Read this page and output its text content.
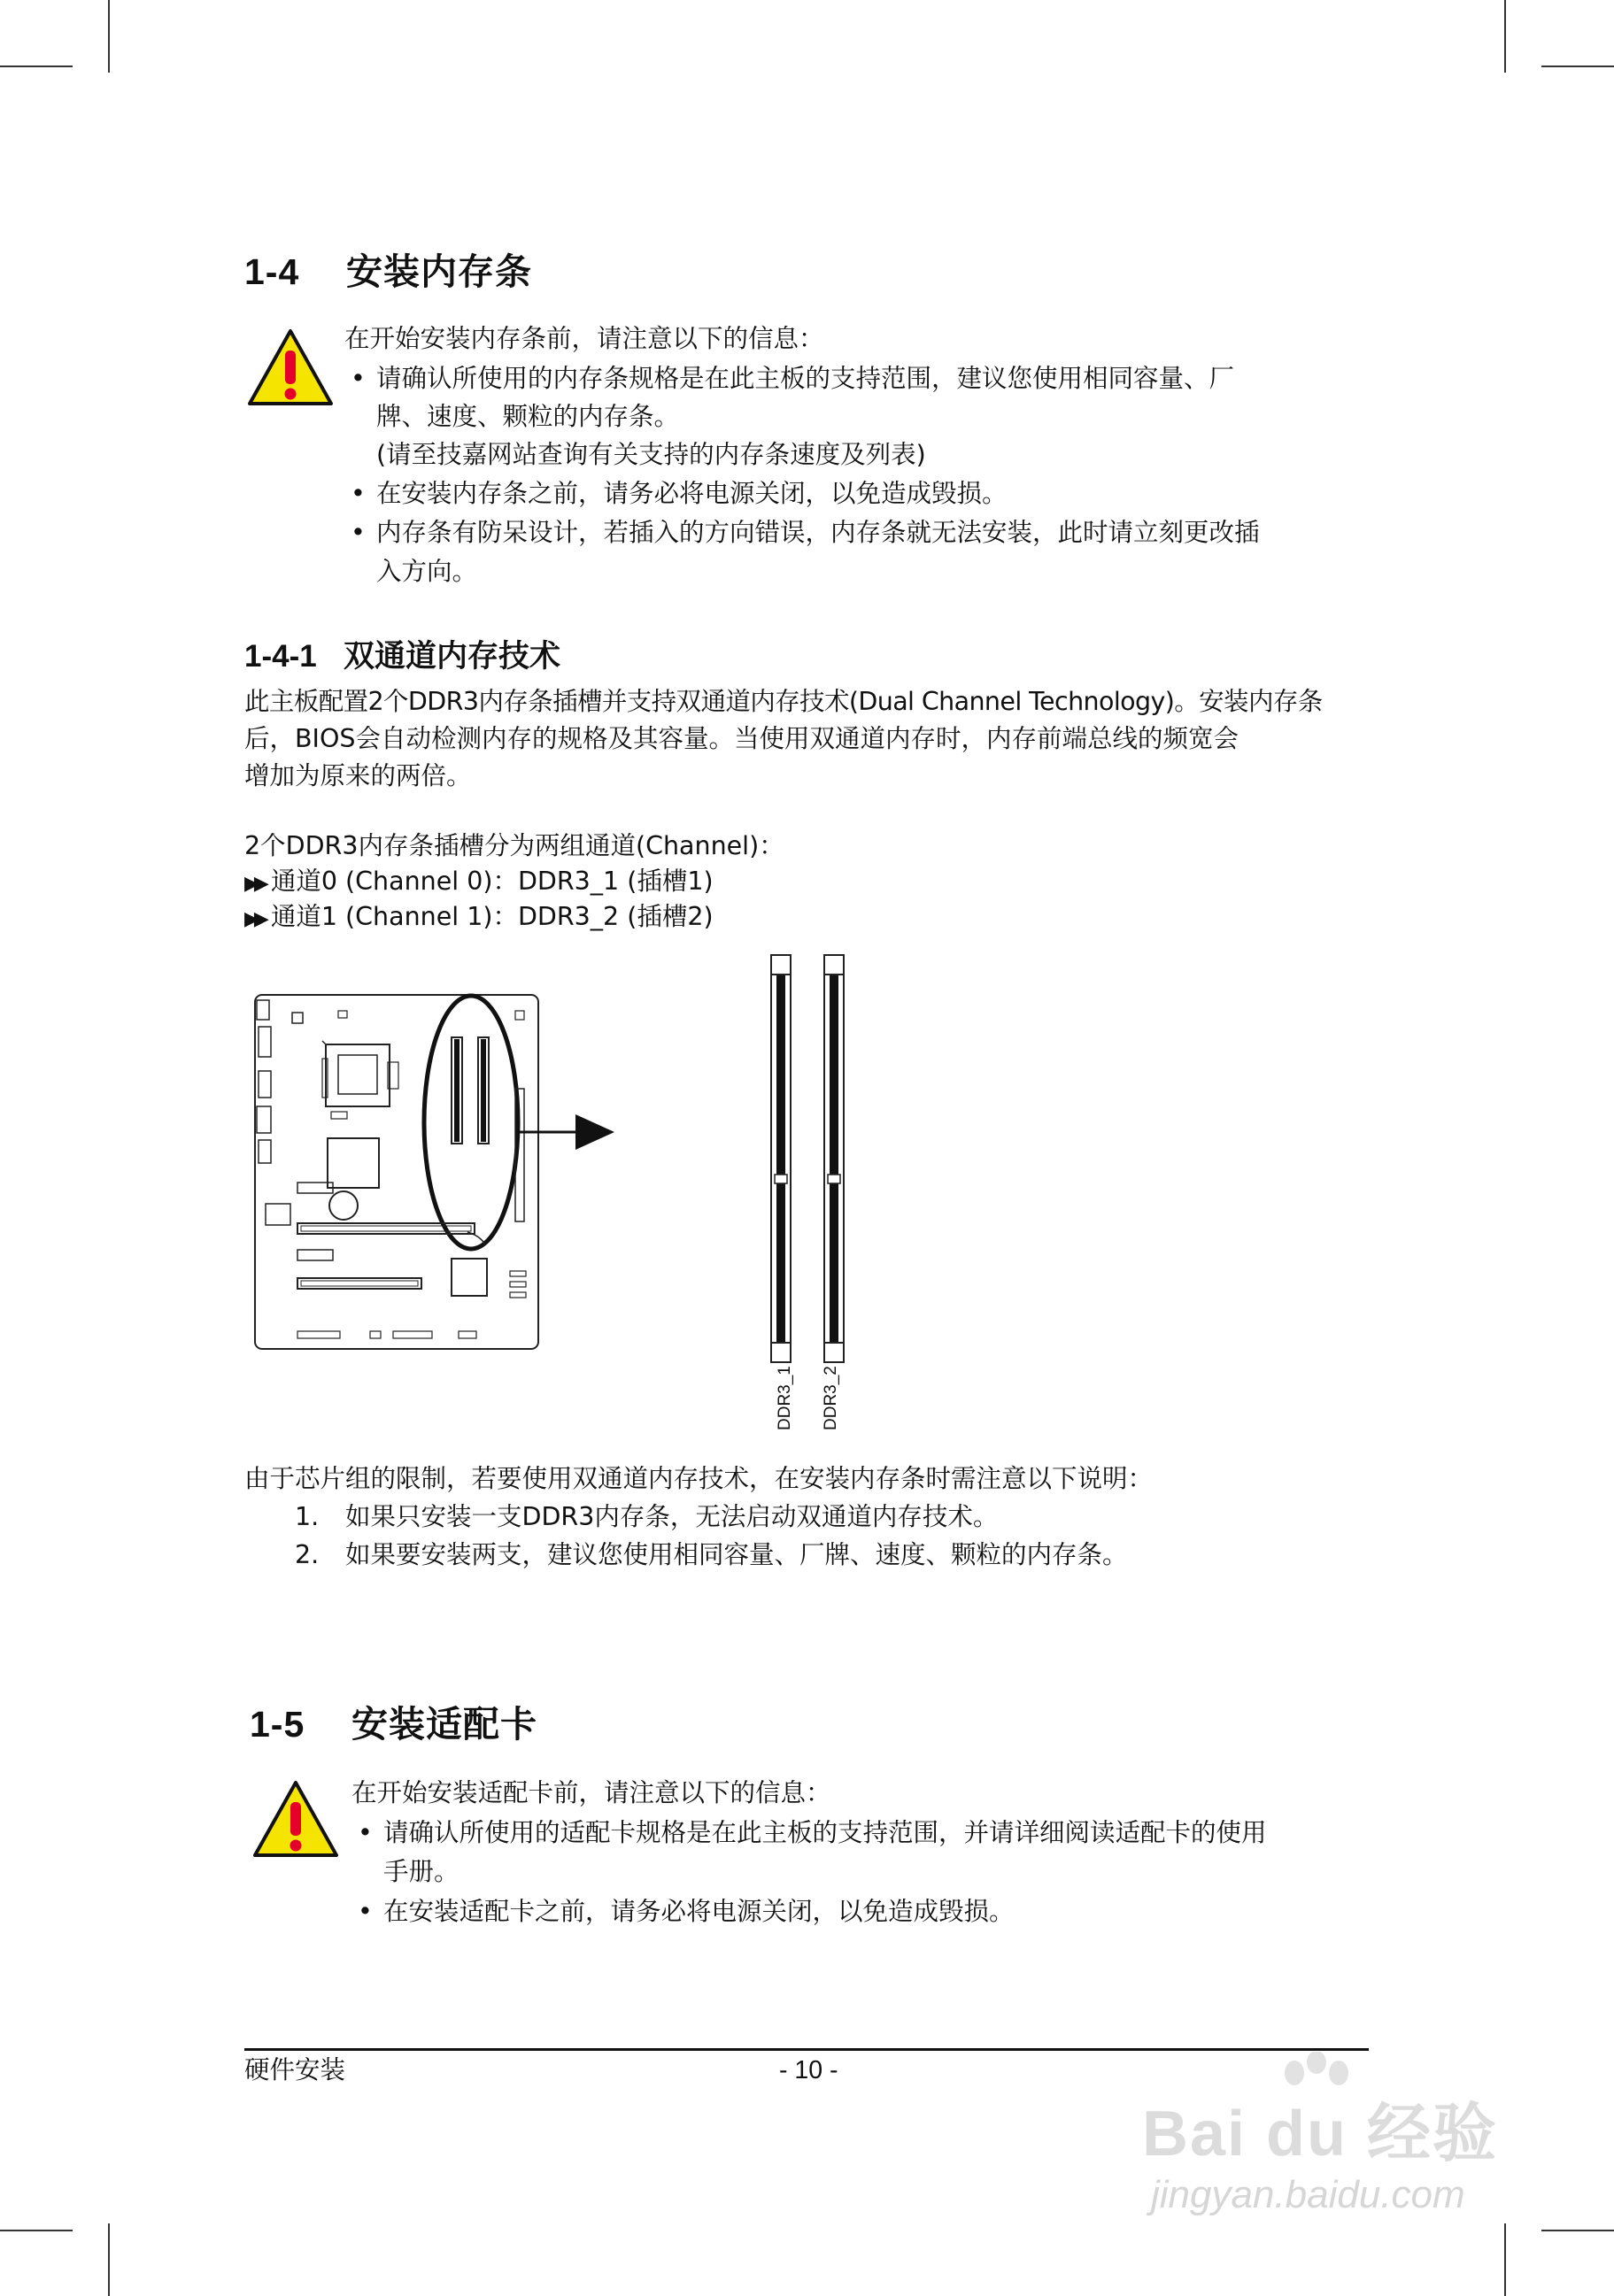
1-4 安装内存条
在开始安装内存条前，请注意以下的信息：
• 请确认所使用的内存条规格是在此主板的支持范围，建议您使用相同容量、厂
牌、速度、颗粒的内存条。
(请至技嘉网站查询有关支持的内存条速度及列表)
• 在安装内存条之前，请务必将电源关闭，以免造成毁损。
• 内存条有防呆设计，若插入的方向错误，内存条就无法安装，此时请立刻更改插
入方向。
1-4-1 双通道内存技术
此主板配置2个DDR3内存条插槽并支持双通道内存技术(Dual Channel Technology)。安装内存条
后，BIOS会自动检测内存的规格及其容量。当使用双通道内存时，内存前端总线的频宽会
增加为原来的两倍。
2个DDR3内存条插槽分为两组通道(Channel)：
▶▶ 通道0 (Channel 0)：DDR3_1 (插槽1)
▶▶ 通道1 (Channel 1)：DDR3_2 (插槽2)
DDR3_1 DDR3_2
由于芯片组的限制，若要使用双通道内存技术，在安装内存条时需注意以下说明：
1. 如果只安装一支DDR3内存条，无法启动双通道内存技术。
2. 如果要安装两支，建议您使用相同容量、厂牌、速度、颗粒的内存条。
1-5 安装适配卡
在开始安装适配卡前，请注意以下的信息：
• 请确认所使用的适配卡规格是在此主板的支持范围，并请详细阅读适配卡的使用
手册。
• 在安装适配卡之前，请务必将电源关闭，以免造成毁损。
硬件安装	- 10 -
Bai du 经验
jingyan.baidu.com
